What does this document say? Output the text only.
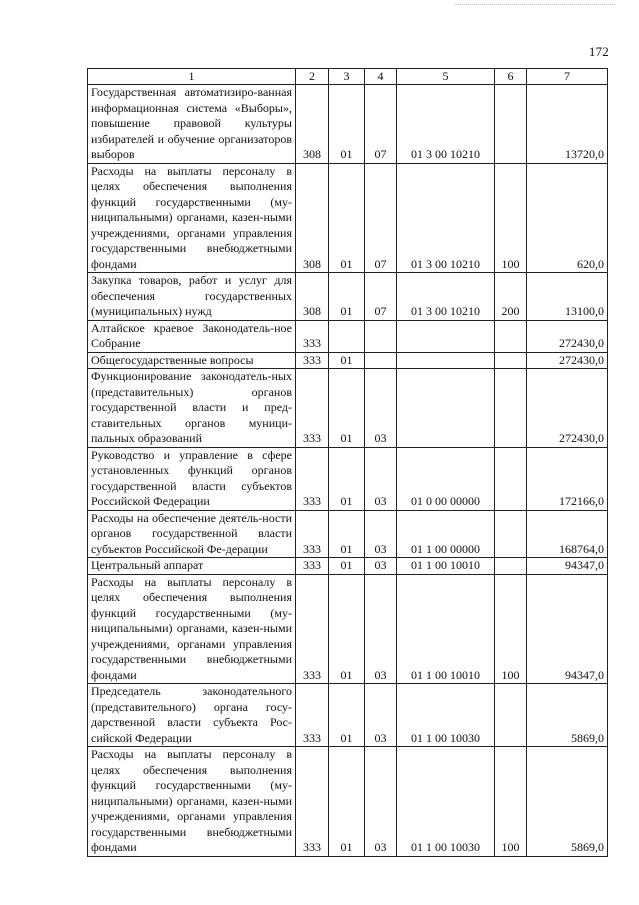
172
1	2	3	4	5	6	7
Государственная автоматизиро-ванная информационная система «Выборы», повышение правовой культуры избирателей и обучение организаторов выборов	308	01	07	01 3 00 10210		13720,0
Расходы на выплаты персоналу в целях обеспечения выполнения функций государственными (му-ниципальными) органами, казен-ными учреждениями, органами управления государственными внебюджетными фондами	308	01	07	01 3 00 10210	100	620,0
Закупка товаров, работ и услуг для обеспечения государственных (муниципальных) нужд	308	01	07	01 3 00 10210	200	13100,0
Алтайское краевое Законодатель-ное Собрание	333					272430,0
Общегосударственные вопросы	333	01				272430,0
Функционирование законодатель-ных (представительных) органов государственной власти и пред-ставительных органов муници-пальных образований	333	01	03			272430,0
Руководство и управление в сфере установленных функций органов государственной власти субъектов Российской Федерации	333	01	03	01 0 00 00000		172166,0
Расходы на обеспечение деятель-ности органов государственной власти субъектов Российской Фе-дерации	333	01	03	01 1 00 00000		168764,0
Центральный аппарат	333	01	03	01 1 00 10010		94347,0
Расходы на выплаты персоналу в целях обеспечения выполнения функций государственными (му-ниципальными) органами, казен-ными учреждениями, органами управления государственными внебюджетными фондами	333	01	03	01 1 00 10010	100	94347,0
Председатель законодательного (представительного) органа госу-дарственной власти субъекта Рос-сийской Федерации	333	01	03	01 1 00 10030		5869,0
Расходы на выплаты персоналу в целях обеспечения выполнения функций государственными (му-ниципальными) органами, казен-ными учреждениями, органами управления государственными внебюджетными фондами	333	01	03	01 1 00 10030	100	5869,0
